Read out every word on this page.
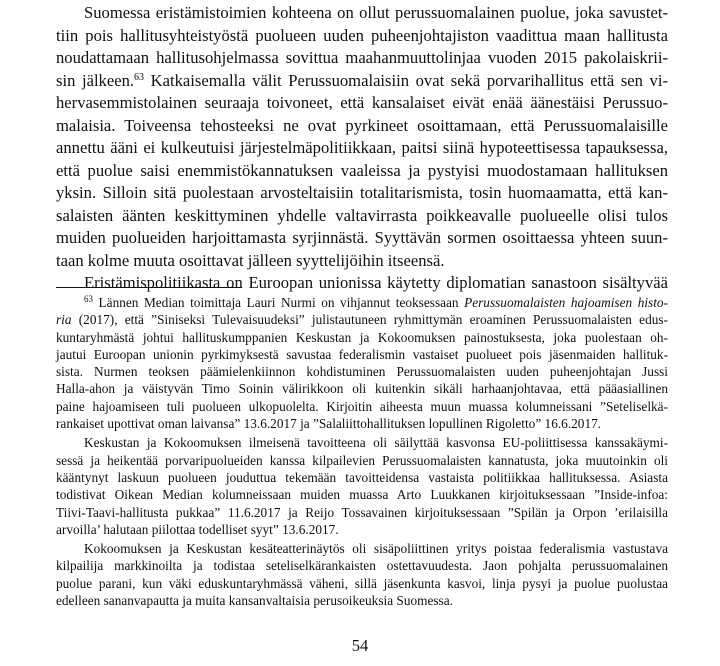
Suomessa eristämistoimien kohteena on ollut perussuomalainen puolue, joka savustet-
tiin pois hallitusyhteistyöstä puolueen uuden puheenjohtajiston vaadittua maan hallitusta
noudattamaan hallitusohjelmassa sovittua maahanmuuttolinjaa vuoden 2015 pakolaiskrii-
sin jälkeen.$^{63}$ Katkaisemalla välit Perussuomalaisiin ovat sekä porvarihallitus että sen vi-
hervasemmistolainen seuraaja toivoneet, että kansalaiset eivät enää äänestäisi Perussuo-
malaisia. Toiveensa tehosteeksi ne ovat pyrkineet osoittamaan, että Perussuomalaisille
annettu ääni ei kulkeutuisi järjestelmäpolitiikkaan, paitsi siinä hypoteettisessa tapauksessa,
että puolue saisi enemmistökannatuksen vaaleissa ja pystyisi muodostamaan hallituksen
yksin. Silloin sitä puolestaan arvosteltaisiin totalitarismista, tosin huomaamatta, että kan-
salaisten äänten keskittyminen yhdelle valtavirrasta poikkeavalle puolueelle olisi tulos
muiden puolueiden harjoittamasta syrjinnästä. Syyttävän sormen osoittaessa yhteen suun-
taan kolme muuta osoittavat jälleen syyttelijöihin itseensä.
Eristämispolitiikasta on Euroopan unionissa käytetty diplomatian sanastoon sisältyvää
$^{63}$ Lännen Median toimittaja Lauri Nurmi on vihjannut teoksessaan Perussuomalaisten hajoamisen histo-
ria (2017), että ”Siniseksi Tulevaisuudeksi” julistautuneen ryhmittymän eroaminen Perussuomalaisten edus-
kuntaryhmästä johtui hallituskumppanien Keskustan ja Kokoomuksen painostuksesta, joka puolestaan oh-
jautui Euroopan unionin pyrkimyksestä savustaa federalismin vastaiset puolueet pois jäsenmaiden hallituk-
sista. Nurmen teoksen päämielenkiinnon kohdistuminen Perussuomalaisten uuden puheenjohtajan Jussi
Halla-ahon ja väistyvän Timo Soinin välirikkoon oli kuitenkin sikäli harhaanjohtavaa, että pääasiallinen
paine hajoamiseen tuli puolueen ulkopuolelta. Kirjoitin aiheesta muun muassa kolumneissani ”Seteliselkä-
rankaiset upottivat oman laivansa” 13.6.2017 ja ”Salaliittohallituksen lopullinen Rigoletto” 16.6.2017.
Keskustan ja Kokoomuksen ilmeisenä tavoitteena oli säilyttää kasvonsa EU-poliittisessa kanssakäymi-
sessä ja heikentää porvaripuolueiden kanssa kilpailevien Perussuomalaisten kannatusta, joka muutoinkin oli
kääntynyt laskuun puolueen jouduttua tekemään tavoitteidensa vastaista politiikkaa hallituksessa. Asiasta
todistivat Oikean Median kolumneissaan muiden muassa Arto Luukkanen kirjoituksessaan ”Inside-infoa:
Tiivi-Taavi-hallitusta pukkaa” 11.6.2017 ja Reijo Tossavainen kirjoituksessaan ”Spilän ja Orpon ’erilaisilla
arvoilla’ halutaan piilottaa todelliset syyt” 13.6.2017.
Kokoomuksen ja Keskustan kesäteatterinäytös oli sisäpoliittinen yritys poistaa federalismia vastustava
kilpailija markkinoilta ja todistaa seteliselkärankaisten ostettavuudesta. Jaon pohjalta perussuomalainen
puolue parani, kun väki eduskuntaryhmässä väheni, sillä jäsenkunta kasvoi, linja pysyi ja puolue puolustaa
edelleen sananvapautta ja muita kansanvaltaisia perusoikeuksia Suomessa.
54
